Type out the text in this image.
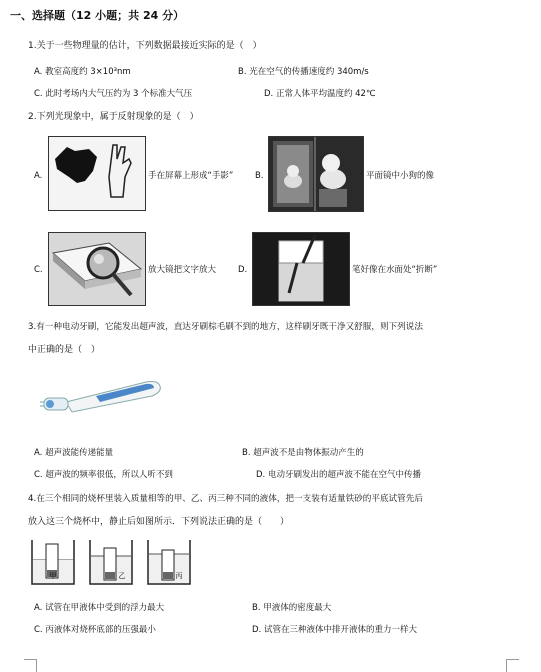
一、选择题（12 小题；共 24 分）
1.关于一些物理量的估计，下列数据最接近实际的是（　）
A. 教室高度约 3×10³nm	B. 光在空气的传播速度约 340m/s
C. 此时考场内大气压约为 3 个标准大气压	D. 正常人体平均温度约 42℃
2.下列光现象中，属于反射现象的是（　）
A.	手在屏幕上形成“手影”	B.	平面镜中小狗的像
C.	放大镜把文字放大	D.	笔好像在水面处“折断”
3.有一种电动牙刷，它能发出超声波，直达牙刷棕毛刷不到的地方，这样刷牙既干净又舒服，则下列说法
中正确的是（　）
A. 超声波能传递能量	B. 超声波不是由物体振动产生的
C. 超声波的频率很低，所以人听不到	D. 电动牙刷发出的超声波不能在空气中传播
4.在三个相同的烧杯里装入质量相等的甲、乙、丙三种不同的液体，把一支装有适量铁砂的平底试管先后
放入这三个烧杯中，静止后如图所示．下列说法正确的是（　　）
甲	乙	丙
A. 试管在甲液体中受到的浮力最大	B. 甲液体的密度最大
C. 丙液体对烧杯底部的压强最小	D. 试管在三种液体中排开液体的重力一样大
